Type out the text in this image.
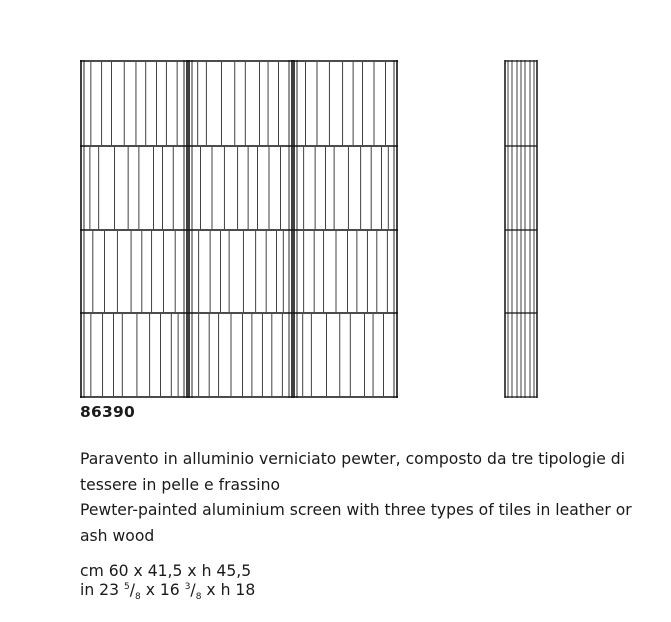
86390

Paravento in alluminio verniciato pewter, composto da tre tipologie di tessere in pelle e frassino

Pewter-painted aluminium screen with three types of tiles in leather or ash wood

cm 60 x 41,5 x h 45,5

in 23 $^5/_8$ x 16 $^3/_8$ x h 18
